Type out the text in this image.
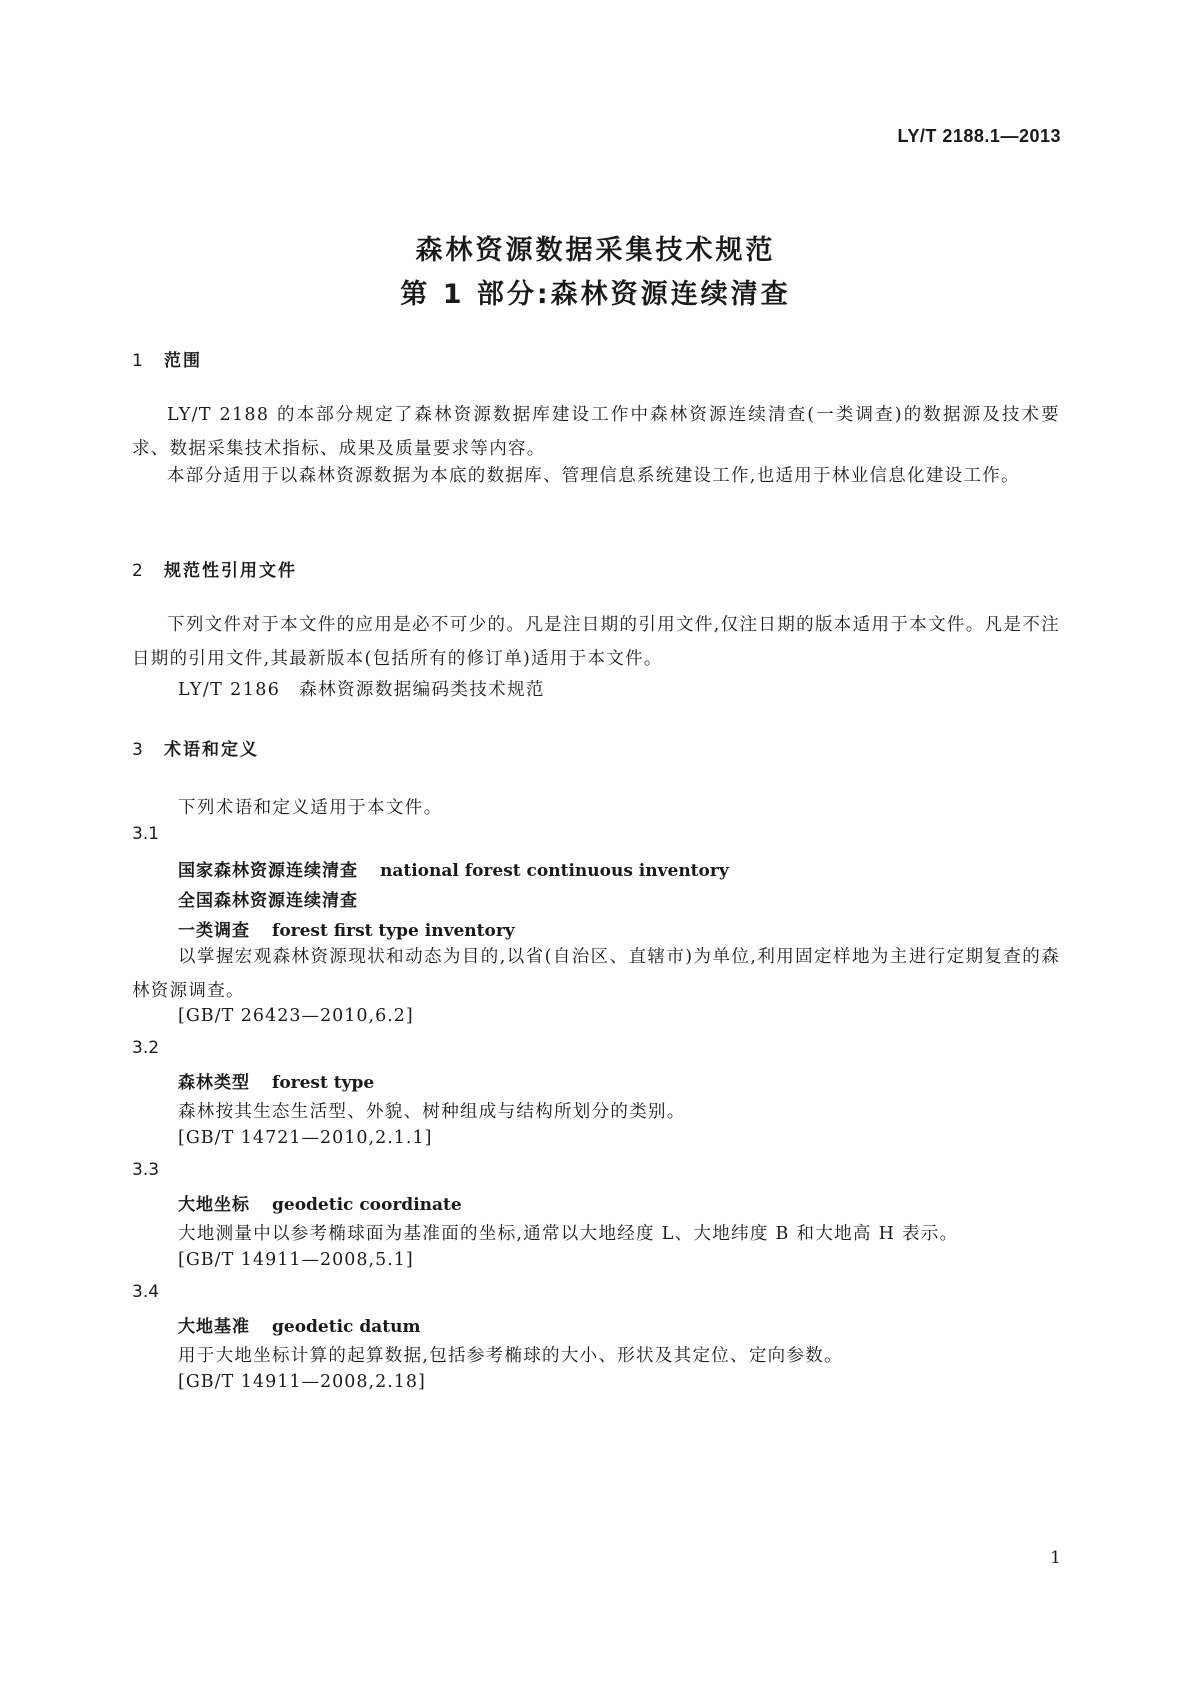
LY/T 2188.1—2013
森林资源数据采集技术规范
第 1 部分:森林资源连续清查
1 范围

LY/T 2188 的本部分规定了森林资源数据库建设工作中森林资源连续清查(一类调查)的数据源及技术要求、数据采集技术指标、成果及质量要求等内容。

本部分适用于以森林资源数据为本底的数据库、管理信息系统建设工作,也适用于林业信息化建设工作。

2 规范性引用文件

下列文件对于本文件的应用是必不可少的。凡是注日期的引用文件,仅注日期的版本适用于本文件。凡是不注日期的引用文件,其最新版本(包括所有的修订单)适用于本文件。

LY/T 2186　森林资源数据编码类技术规范
3 术语和定义
下列术语和定义适用于本文件。
3.1
国家森林资源连续清查 national forest continuous inventory
全国森林资源连续清查
一类调查 forest first type inventory

以掌握宏观森林资源现状和动态为目的,以省(自治区、直辖市)为单位,利用固定样地为主进行定期复查的森林资源调查。

[GB/T 26423—2010,6.2]
3.2
森林类型 forest type
森林按其生态生活型、外貌、树种组成与结构所划分的类别。
[GB/T 14721—2010,2.1.1]
3.3
大地坐标 geodetic coordinate
大地测量中以参考椭球面为基准面的坐标,通常以大地经度 L、大地纬度 B 和大地高 H 表示。
[GB/T 14911—2008,5.1]
3.4
大地基准 geodetic datum
用于大地坐标计算的起算数据,包括参考椭球的大小、形状及其定位、定向参数。
[GB/T 14911—2008,2.18]
1
